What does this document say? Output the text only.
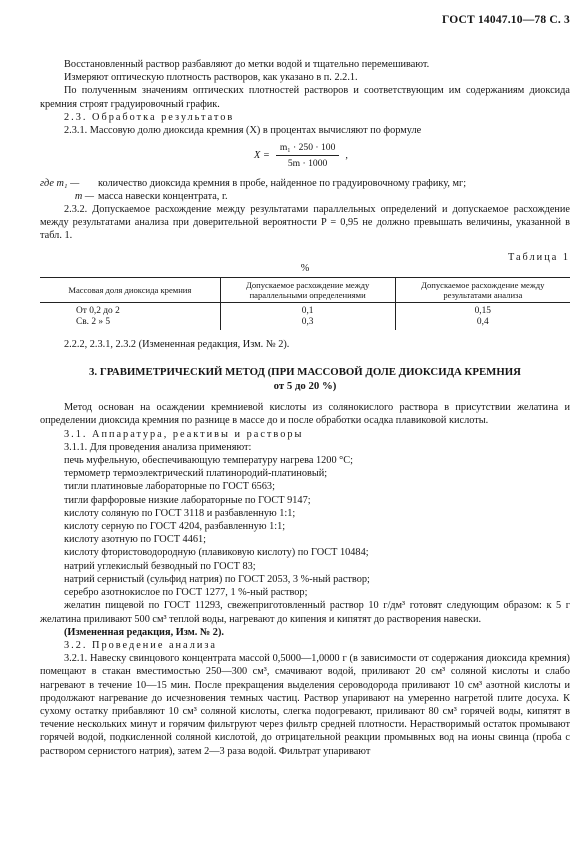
ГОСТ 14047.10—78 С. 3

Восстановленный раствор разбавляют до метки водой и тщательно перемешивают.

Измеряют оптическую плотность растворов, как указано в п. 2.2.1.

По полученным значениям оптических плотностей растворов и соответствующим им содержаниям диоксида кремния строят градуировочный график.

2.3. Обработка результатов

2.3.1. Массовую долю диоксида кремния (X) в процентах вычисляют по формуле

$X = \frac{\text{m₁ · 250 · 100}}{5m \cdot 1000}$ ,
где m₁ —	количество диоксида кремния в пробе, найденное по градуировочному графику, мг;
m — масса навески концентрата, г.

2.3.2. Допускаемое расхождение между результатами параллельных определений и допускаемое расхождение между результатами анализа при доверительной вероятности P = 0,95 не должно превышать величины, указанной в табл. 1.

Таблица 1
%
Массовая доля диоксида кремния	Допускаемое расхождение между параллельными определениями	Допускаемое расхождение между результатами анализа
От 0,2 до 2	0,1	0,15
Св. 2 » 5	0,3	0,4

2.2.2, 2.3.1, 2.3.2 (Измененная редакция, Изм. № 2).

3. ГРАВИМЕТРИЧЕСКИЙ МЕТОД (ПРИ МАССОВОЙ ДОЛЕ ДИОКСИДА КРЕМНИЯ
от 5 до 20 %)

Метод основан на осаждении кремниевой кислоты из солянокислого раствора в присутствии желатина и определении диоксида кремния по разнице в массе до и после обработки осадка плавиковой кислоты.

3.1. Аппаратура, реактивы и растворы

3.1.1. Для проведения анализа применяют:

печь муфельную, обеспечивающую температуру нагрева 1200 °С;

термометр термоэлектрический платинородий-платиновый;

тигли платиновые лабораторные по ГОСТ 6563;

тигли фарфоровые низкие лабораторные по ГОСТ 9147;

кислоту соляную по ГОСТ 3118 и разбавленную 1:1;

кислоту серную по ГОСТ 4204, разбавленную 1:1;

кислоту азотную по ГОСТ 4461;

кислоту фтористоводородную (плавиковую кислоту) по ГОСТ 10484;

натрий углекислый безводный по ГОСТ 83;

натрий сернистый (сульфид натрия) по ГОСТ 2053, 3 %-ный раствор;

серебро азотнокислое по ГОСТ 1277, 1 %-ный раствор;

желатин пищевой по ГОСТ 11293, свежеприготовленный раствор 10 г/дм³ готовят следующим образом: к 5 г желатина приливают 500 см³ теплой воды, нагревают до кипения и кипятят до растворения навески.

(Измененная редакция, Изм. № 2).

3.2. Проведение анализа

3.2.1. Навеску свинцового концентрата массой 0,5000—1,0000 г (в зависимости от содержания диоксида кремния) помещают в стакан вместимостью 250—300 см³, смачивают водой, приливают 20 см³ соляной кислоты и слабо нагревают в течение 10—15 мин. После прекращения выделения сероводорода приливают 10 см³ азотной кислоты и продолжают нагревание до исчезновения темных частиц. Раствор упаривают на умеренно нагретой плите досуха. К сухому остатку прибавляют 10 см³ соляной кислоты, слегка подогревают, приливают 80 см³ горячей воды, кипятят в течение нескольких минут и горячим фильтруют через фильтр средней плотности. Нерастворимый остаток промывают горячей водой, подкисленной соляной кислотой, до отрицательной реакции промывных вод на ионы свинца (проба с раствором сернистого натрия), затем 2—3 раза водой. Фильтрат упаривают
